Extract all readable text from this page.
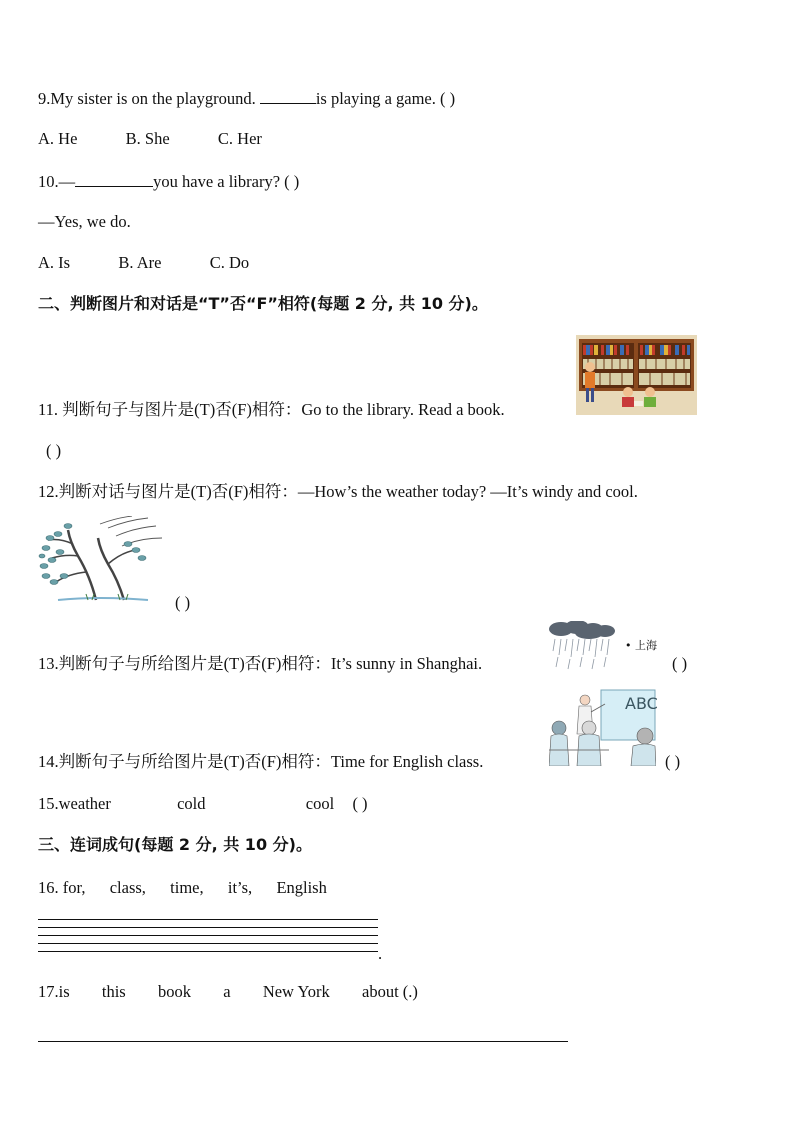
9.My sister is on the playground.	is playing a game. ( )
A. He	B. She	C. Her
10.—	you have a library? ( )
—Yes, we do.
A. Is	B. Are	C. Do
二、判断图片和对话是“T”否“F”相符(每题 2 分, 共 10 分)。
11. 判断句子与图片是(T)否(F)相符：Go to the library. Read a book.
( )
12.判断对话与图片是(T)否(F)相符：—How’s the weather today? —It’s windy and cool.
( )
• 上海
13.判断句子与所给图片是(T)否(F)相符：It’s sunny in Shanghai.	( )
ABC
14.判断句子与所给图片是(T)否(F)相符：Time for English class.	( )
15.weather	cold	cool ( )
三、连词成句(每题 2 分, 共 10 分)。
16. for, class, time, it’s, English
.
17.is this book a New York about (.)
